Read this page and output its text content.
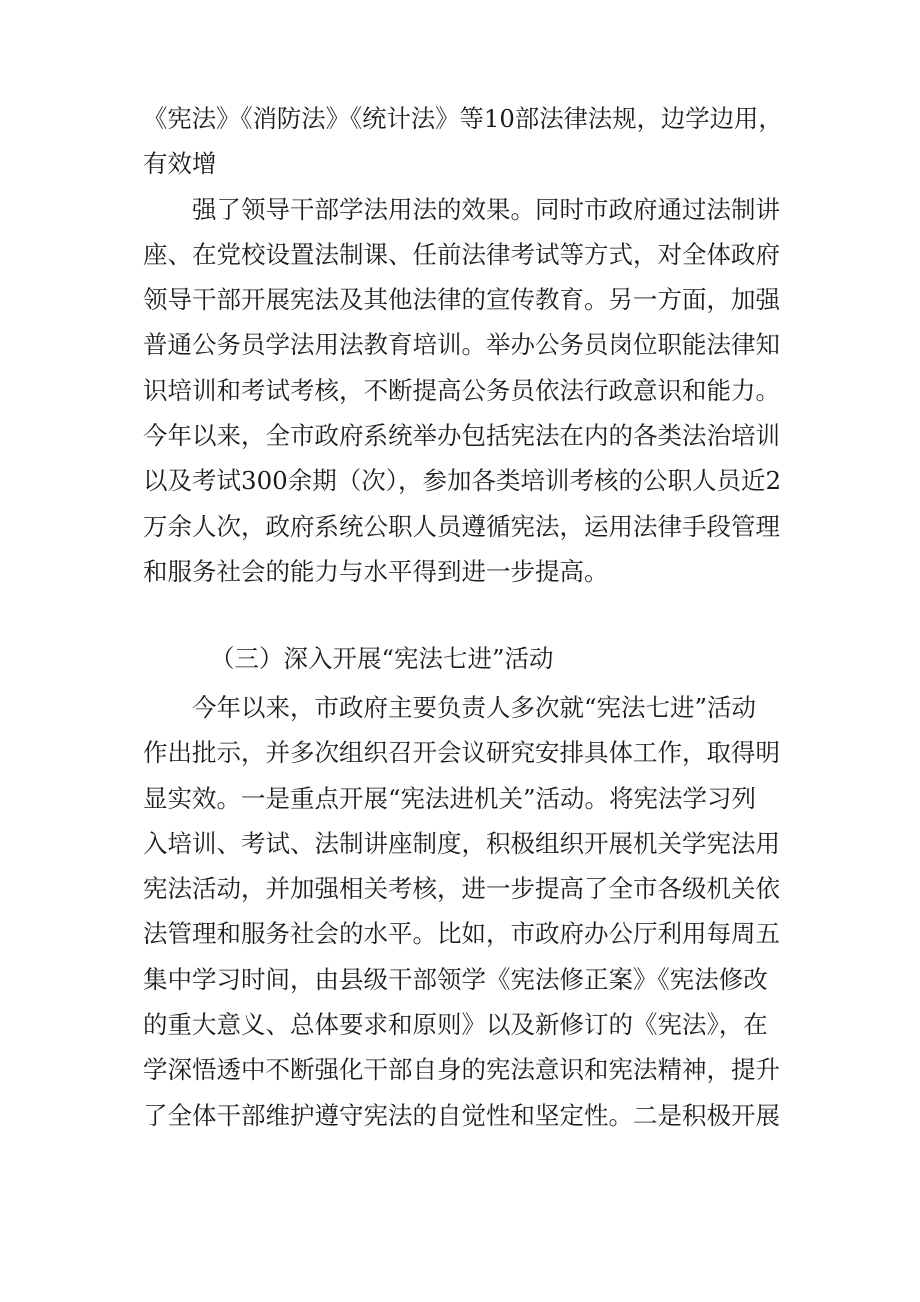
《宪法》《消防法》《统计法》等10部法律法规，边学边用，
有效增
　　强了领导干部学法用法的效果。同时市政府通过法制讲
座、在党校设置法制课、任前法律考试等方式，对全体政府
领导干部开展宪法及其他法律的宣传教育。另一方面，加强
普通公务员学法用法教育培训。举办公务员岗位职能法律知
识培训和考试考核，不断提高公务员依法行政意识和能力。
今年以来，全市政府系统举办包括宪法在内的各类法治培训
以及考试300余期（次），参加各类培训考核的公职人员近2
万余人次，政府系统公职人员遵循宪法，运用法律手段管理
和服务社会的能力与水平得到进一步提高。
（三）深入开展“宪法七进”活动
　　今年以来，市政府主要负责人多次就“宪法七进”活动
作出批示，并多次组织召开会议研究安排具体工作，取得明
显实效。一是重点开展“宪法进机关”活动。将宪法学习列
入培训、考试、法制讲座制度，积极组织开展机关学宪法用
宪法活动，并加强相关考核，进一步提高了全市各级机关依
法管理和服务社会的水平。比如，市政府办公厅利用每周五
集中学习时间，由县级干部领学《宪法修正案》《宪法修改
的重大意义、总体要求和原则》以及新修订的《宪法》，在
学深悟透中不断强化干部自身的宪法意识和宪法精神，提升
了全体干部维护遵守宪法的自觉性和坚定性。二是积极开展
